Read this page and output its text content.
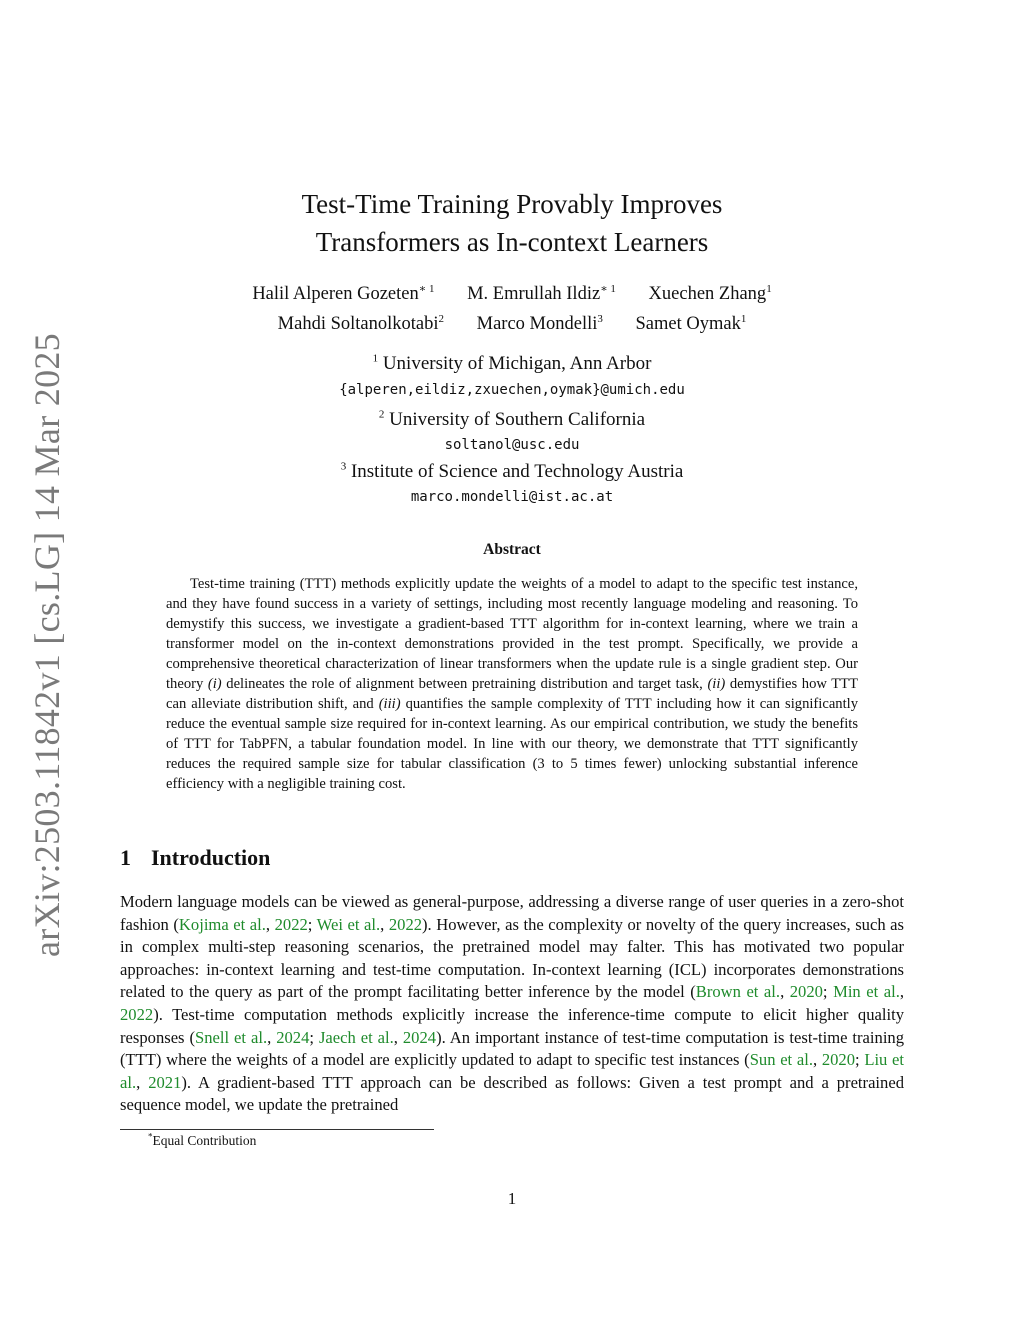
arXiv:2503.11842v1 [cs.LG] 14 Mar 2025
Test-Time Training Provably Improves
Transformers as In-context Learners
Halil Alperen Gozeten$^{∗ 1}$ M. Emrullah Ildiz$^{∗ 1}$ Xuechen Zhang$^1$
Mahdi Soltanolkotabi$^2$ Marco Mondelli$^3$ Samet Oymak$^1$
$^1$ University of Michigan, Ann Arbor
{alperen,eildiz,zxuechen,oymak}@umich.edu
$^2$ University of Southern California
soltanol@usc.edu
$^3$ Institute of Science and Technology Austria
marco.mondelli@ist.ac.at
Abstract
Test-time training (TTT) methods explicitly update the weights of a model to adapt to the specific test instance, and they have found success in a variety of settings, including most recently language modeling and reasoning. To demystify this success, we investigate a gradient-based TTT algorithm for in-context learning, where we train a transformer model on the in-context demonstrations provided in the test prompt. Specifically, we provide a comprehensive theoretical characterization of linear transformers when the update rule is a single gradient step. Our theory (i) delineates the role of alignment between pretraining distribution and target task, (ii) demystifies how TTT can alleviate distribution shift, and (iii) quantifies the sample complexity of TTT including how it can significantly reduce the eventual sample size required for in-context learning. As our empirical contribution, we study the benefits of TTT for TabPFN, a tabular foundation model. In line with our theory, we demonstrate that TTT significantly reduces the required sample size for tabular classification (3 to 5 times fewer) unlocking substantial inference efficiency with a negligible training cost.
1 Introduction
Modern language models can be viewed as general-purpose, addressing a diverse range of user queries in a zero-shot fashion (Kojima et al., 2022; Wei et al., 2022). However, as the complexity or novelty of the query increases, such as in complex multi-step reasoning scenarios, the pretrained model may falter. This has motivated two popular approaches: in-context learning and test-time computation. In-context learning (ICL) incorporates demonstrations related to the query as part of the prompt facilitating better inference by the model (Brown et al., 2020; Min et al., 2022). Test-time computation methods explicitly increase the inference-time compute to elicit higher quality responses (Snell et al., 2024; Jaech et al., 2024). An important instance of test-time computation is test-time training (TTT) where the weights of a model are explicitly updated to adapt to specific test instances (Sun et al., 2020; Liu et al., 2021). A gradient-based TTT approach can be described as follows: Given a test prompt and a pretrained sequence model, we update the pretrained
*Equal Contribution
1
